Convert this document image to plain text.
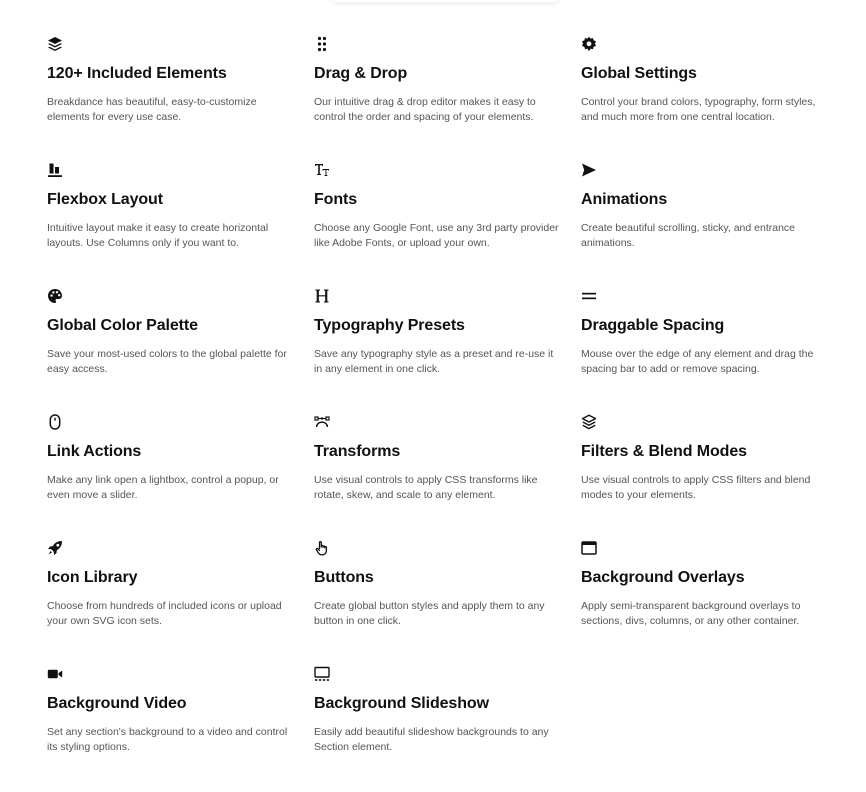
120+ Included Elements
Breakdance has beautiful, easy-to-customize elements for every use case.
Drag & Drop
Our intuitive drag & drop editor makes it easy to control the order and spacing of your elements.
Global Settings
Control your brand colors, typography, form styles, and much more from one central location.
Flexbox Layout
Intuitive layout make it easy to create horizontal layouts. Use Columns only if you want to.
Fonts
Choose any Google Font, use any 3rd party provider like Adobe Fonts, or upload your own.
Animations
Create beautiful scrolling, sticky, and entrance animations.
Global Color Palette
Save your most-used colors to the global palette for easy access.
Typography Presets
Save any typography style as a preset and re-use it in any element in one click.
Draggable Spacing
Mouse over the edge of any element and drag the spacing bar to add or remove spacing.
Link Actions
Make any link open a lightbox, control a popup, or even move a slider.
Transforms
Use visual controls to apply CSS transforms like rotate, skew, and scale to any element.
Filters & Blend Modes
Use visual controls to apply CSS filters and blend modes to your elements.
Icon Library
Choose from hundreds of included icons or upload your own SVG icon sets.
Buttons
Create global button styles and apply them to any button in one click.
Background Overlays
Apply semi-transparent background overlays to sections, divs, columns, or any other container.
Background Video
Set any section's background to a video and control its styling options.
Background Slideshow
Easily add beautiful slideshow backgrounds to any Section element.
